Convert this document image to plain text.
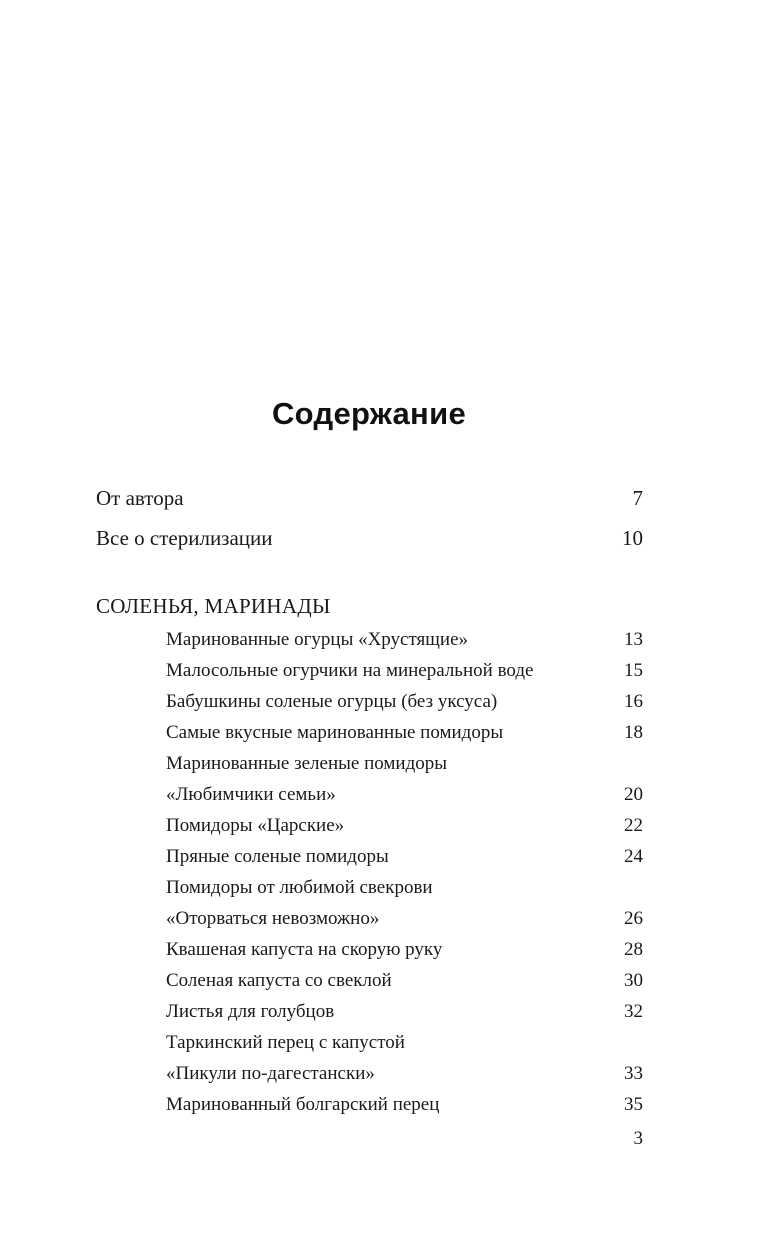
Содержание
От автора	7
Все о стерилизации	10
СОЛЕНЬЯ, МАРИНАДЫ
Маринованные огурцы «Хрустящие»	13
Малосольные огурчики на минеральной воде	15
Бабушкины соленые огурцы (без уксуса)	16
Самые вкусные маринованные помидоры	18
Маринованные зеленые помидоры
«Любимчики семьи»	20
Помидоры «Царские»	22
Пряные соленые помидоры	24
Помидоры от любимой свекрови
«Оторваться невозможно»	26
Квашеная капуста на скорую руку	28
Соленая капуста со свеклой	30
Листья для голубцов	32
Таркинский перец с капустой
«Пикули по-дагестански»	33
Маринованный болгарский перец	35
3
